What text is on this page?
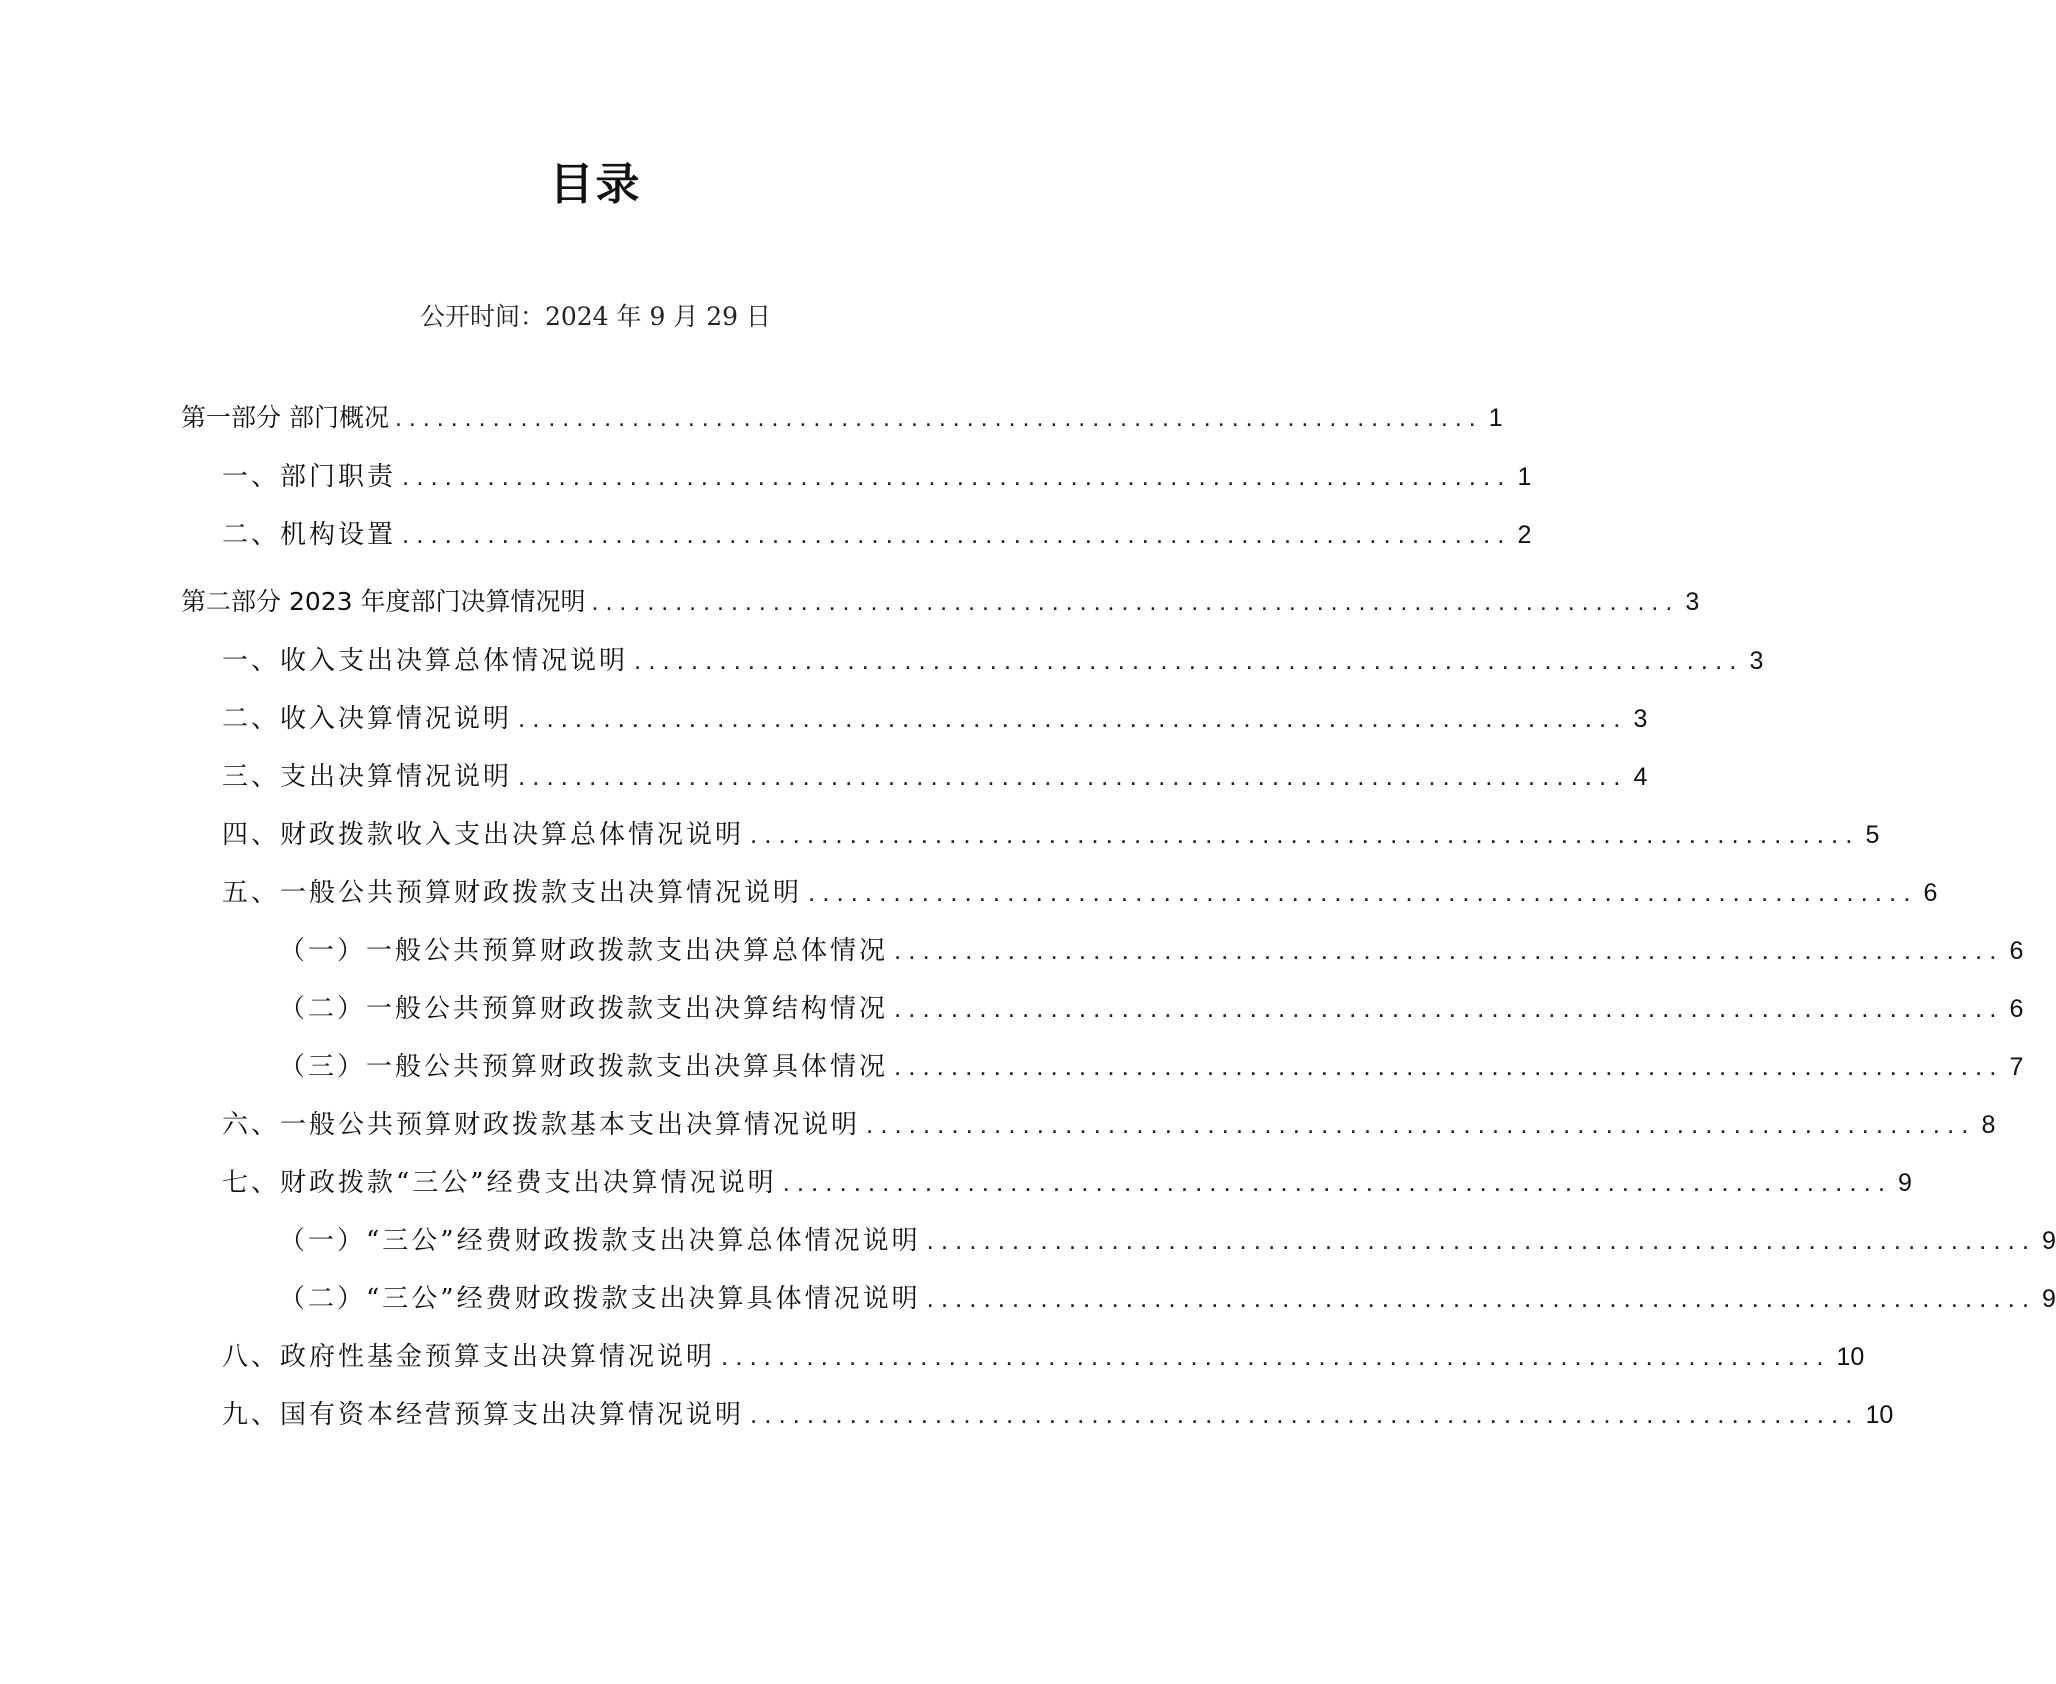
目录
公开时间：2024 年 9 月 29 日
第一部分 部门概况 .............................................................................. 1
一、部门职责 .............................................................................. 1
二、机构设置 .............................................................................. 2
第二部分 2023 年度部门决算情况明 .............................................................................. 3
一、收入支出决算总体情况说明 .............................................................................. 3
二、收入决算情况说明 .............................................................................. 3
三、支出决算情况说明 .............................................................................. 4
四、财政拨款收入支出决算总体情况说明 .............................................................................. 5
五、一般公共预算财政拨款支出决算情况说明 .............................................................................. 6
（一）一般公共预算财政拨款支出决算总体情况 .............................................................................. 6
（二）一般公共预算财政拨款支出决算结构情况 .............................................................................. 6
（三）一般公共预算财政拨款支出决算具体情况 .............................................................................. 7
六、一般公共预算财政拨款基本支出决算情况说明 .............................................................................. 8
七、财政拨款“三公”经费支出决算情况说明 .............................................................................. 9
（一）“三公”经费财政拨款支出决算总体情况说明 .............................................................................. 9
（二）“三公”经费财政拨款支出决算具体情况说明 .............................................................................. 9
八、政府性基金预算支出决算情况说明 .............................................................................. 10
九、国有资本经营预算支出决算情况说明 .............................................................................. 10
